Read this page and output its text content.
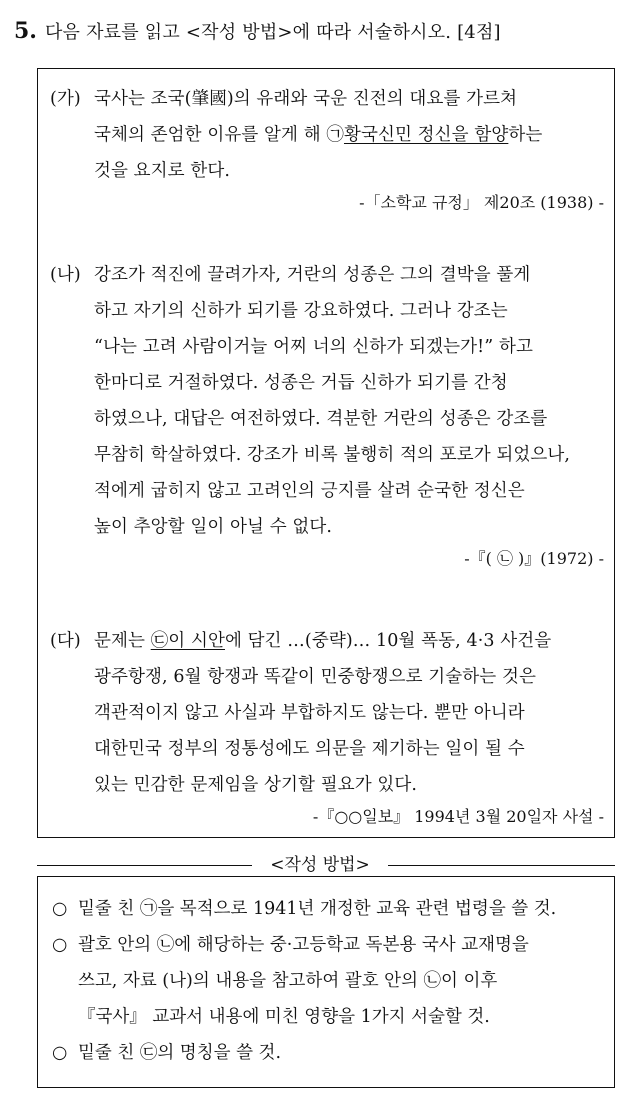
5. 다음 자료를 읽고 <작성 방법>에 따라 서술하시오. [4점]
(가) 국사는 조국(肇國)의 유래와 국운 진전의 대요를 가르쳐
국체의 존엄한 이유를 알게 해 ㉠황국신민 정신을 함양하는
것을 요지로 한다.
-「소학교 규정」 제20조 (1938) -
(나) 강조가 적진에 끌려가자, 거란의 성종은 그의 결박을 풀게
하고 자기의 신하가 되기를 강요하였다. 그러나 강조는
“나는 고려 사람이거늘 어찌 너의 신하가 되겠는가!” 하고
한마디로 거절하였다. 성종은 거듭 신하가 되기를 간청
하였으나, 대답은 여전하였다. 격분한 거란의 성종은 강조를
무참히 학살하였다. 강조가 비록 불행히 적의 포로가 되었으나,
적에게 굽히지 않고 고려인의 긍지를 살려 순국한 정신은
높이 추앙할 일이 아닐 수 없다.
-『( ㉡ )』(1972) -
(다) 문제는 ㉢이 시안에 담긴 …(중략)… 10월 폭동, 4·3 사건을
광주항쟁, 6월 항쟁과 똑같이 민중항쟁으로 기술하는 것은
객관적이지 않고 사실과 부합하지도 않는다. 뿐만 아니라
대한민국 정부의 정통성에도 의문을 제기하는 일이 될 수
있는 민감한 문제임을 상기할 필요가 있다.
-『○○일보』 1994년 3월 20일자 사설 -
<작성 방법>
○ 밑줄 친 ㉠을 목적으로 1941년 개정한 교육 관련 법령을 쓸 것.
○ 괄호 안의 ㉡에 해당하는 중·고등학교 독본용 국사 교재명을
쓰고, 자료 (나)의 내용을 참고하여 괄호 안의 ㉡이 이후
『국사』 교과서 내용에 미친 영향을 1가지 서술할 것.
○ 밑줄 친 ㉢의 명칭을 쓸 것.
